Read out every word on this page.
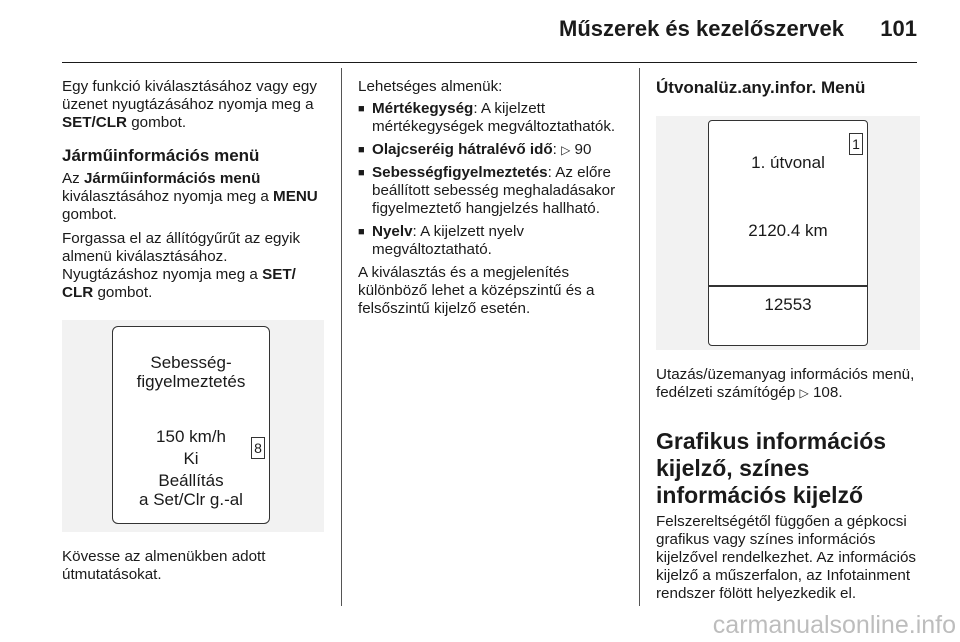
Műszerek és kezelőszervek 101

Egy funkció kiválasztásához vagy egy üzenet nyugtázásához nyomja meg a SET/CLR gombot.

Járműinformációs menü

Az Járműinformációs menü kiválasztásához nyomja meg a MENU gombot.

Forgassa el az állítógyűrűt az egyik almenü kiválasztásához.

Nyugtázáshoz nyomja meg a SET/ CLR gombot.

Sebesség-
figyelmeztetés
150 km/h
Ki
Beállítás
a Set/Clr g.-al
8

Kövesse az almenükben adott útmutatásokat.

Lehetséges almenük:

■ Mértékegység: A kijelzett mértékegységek megváltoztathatók.
■ Olajcseréig hátralévő idő: ▷ 90
■ Sebességfigyelmeztetés: Az előre beállított sebesség meghaladásakor figyelmeztető hangjelzés hallható.
■ Nyelv: A kijelzett nyelv megváltoztatható.

A kiválasztás és a megjelenítés különböző lehet a középszintű és a felsőszintű kijelző esetén.

Útvonalüz.any.infor. Menü
1
1. útvonal
2120.4 km
12553

Utazás/üzemanyag információs menü, fedélzeti számítógép ▷ 108.

Grafikus információs kijelző, színes információs kijelző

Felszereltségétől függően a gépkocsi grafikus vagy színes információs kijelzővel rendelkezhet. Az információs kijelző a műszerfalon, az Infotainment rendszer fölött helyezkedik el.

carmanualsonline.info
